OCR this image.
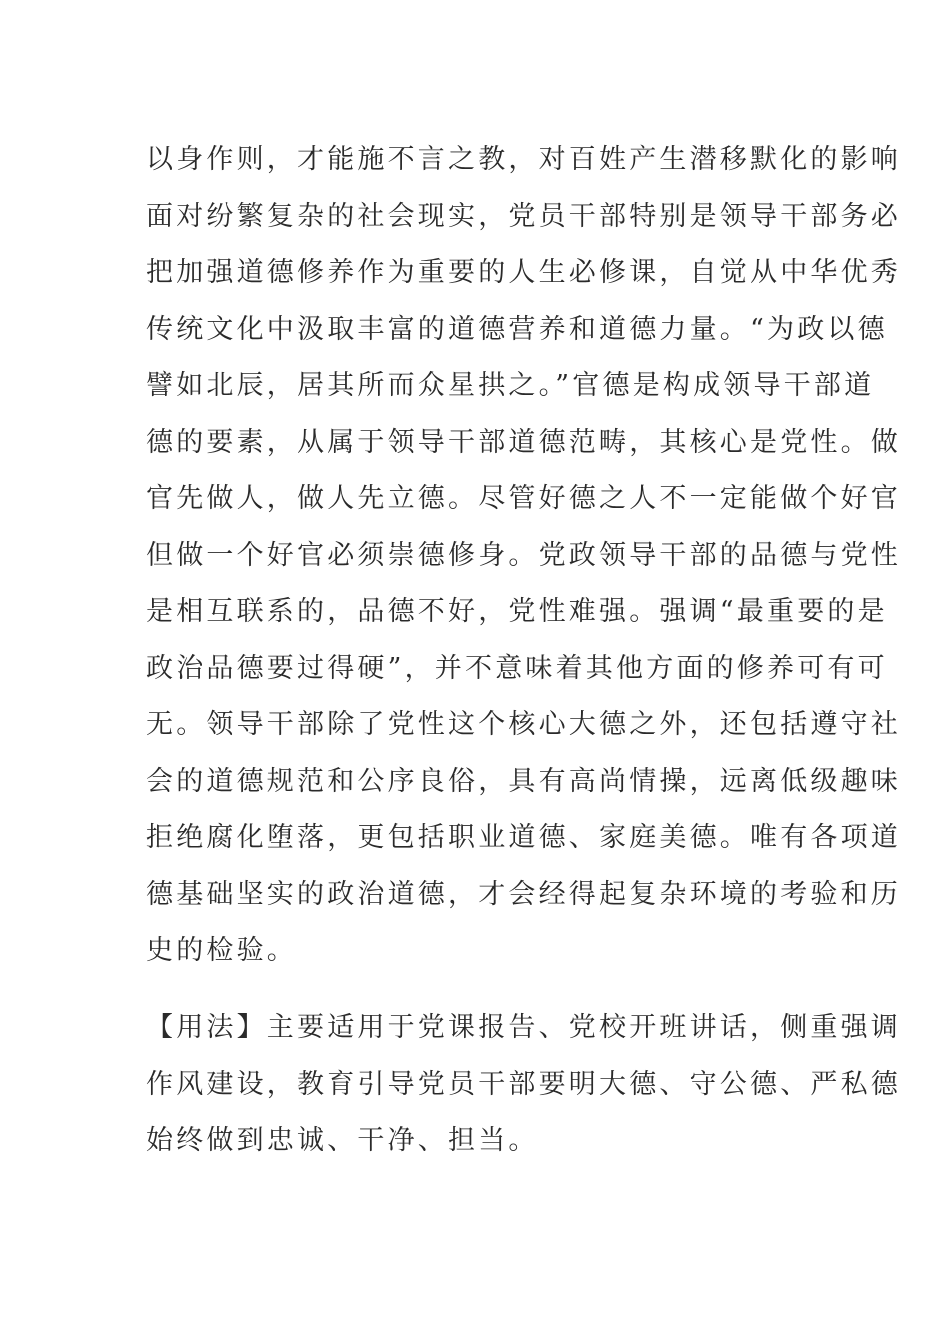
以身作则，才能施不言之教，对百姓产生潜移默化的影响
面对纷繁复杂的社会现实，党员干部特别是领导干部务必
把加强道德修养作为重要的人生必修课，自觉从中华优秀
传统文化中汲取丰富的道德营养和道德力量。“为政以德
譬如北辰，居其所而众星拱之。”官德是构成领导干部道
德的要素，从属于领导干部道德范畴，其核心是党性。做
官先做人，做人先立德。尽管好德之人不一定能做个好官
但做一个好官必须崇德修身。党政领导干部的品德与党性
是相互联系的，品德不好，党性难强。强调“最重要的是
政治品德要过得硬”，并不意味着其他方面的修养可有可
无。领导干部除了党性这个核心大德之外，还包括遵守社
会的道德规范和公序良俗，具有高尚情操，远离低级趣味
拒绝腐化堕落，更包括职业道德、家庭美德。唯有各项道
德基础坚实的政治道德，才会经得起复杂环境的考验和历
史的检验。
【用法】主要适用于党课报告、党校开班讲话，侧重强调
作风建设，教育引导党员干部要明大德、守公德、严私德
始终做到忠诚、干净、担当。
